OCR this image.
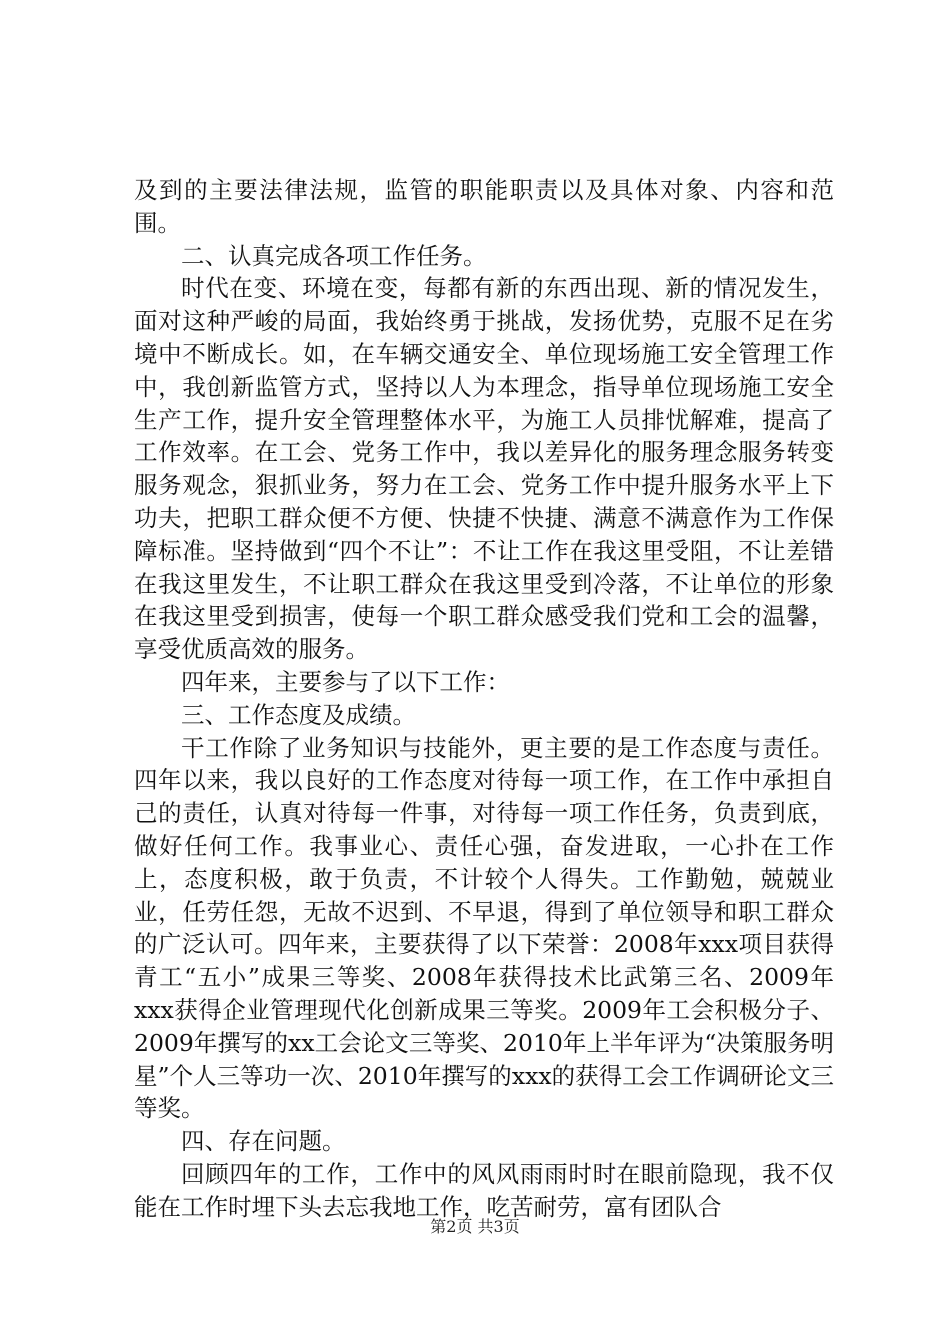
及到的主要法律法规，监管的职能职责以及具体对象、内容和范围。

二、认真完成各项工作任务。

时代在变、环境在变，每都有新的东西出现、新的情况发生，面对这种严峻的局面，我始终勇于挑战，发扬优势，克服不足在劣境中不断成长。如，在车辆交通安全、单位现场施工安全管理工作中，我创新监管方式，坚持以人为本理念，指导单位现场施工安全生产工作，提升安全管理整体水平，为施工人员排忧解难，提高了工作效率。在工会、党务工作中，我以差异化的服务理念服务转变服务观念，狠抓业务，努力在工会、党务工作中提升服务水平上下功夫，把职工群众便不方便、快捷不快捷、满意不满意作为工作保障标准。坚持做到“四个不让”：不让工作在我这里受阻，不让差错在我这里发生，不让职工群众在我这里受到冷落，不让单位的形象在我这里受到损害，使每一个职工群众感受我们党和工会的温馨，享受优质高效的服务。

四年来，主要参与了以下工作：

三、工作态度及成绩。

干工作除了业务知识与技能外，更主要的是工作态度与责任。四年以来，我以良好的工作态度对待每一项工作，在工作中承担自己的责任，认真对待每一件事，对待每一项工作任务，负责到底，做好任何工作。我事业心、责任心强，奋发进取，一心扑在工作上，态度积极，敢于负责，不计较个人得失。工作勤勉，兢兢业业，任劳任怨，无故不迟到、不早退，得到了单位领导和职工群众的广泛认可。四年来，主要获得了以下荣誉：2008年xxx项目获得青工“五小”成果三等奖、2008年获得技术比武第三名、2009年xxx获得企业管理现代化创新成果三等奖。2009年工会积极分子、2009年撰写的xx工会论文三等奖、2010年上半年评为“决策服务明星”个人三等功一次、2010年撰写的xxx的获得工会工作调研论文三等奖。

四、存在问题。

回顾四年的工作，工作中的风风雨雨时时在眼前隐现，我不仅能在工作时埋下头去忘我地工作，吃苦耐劳，富有团队合

第2页 共3页
